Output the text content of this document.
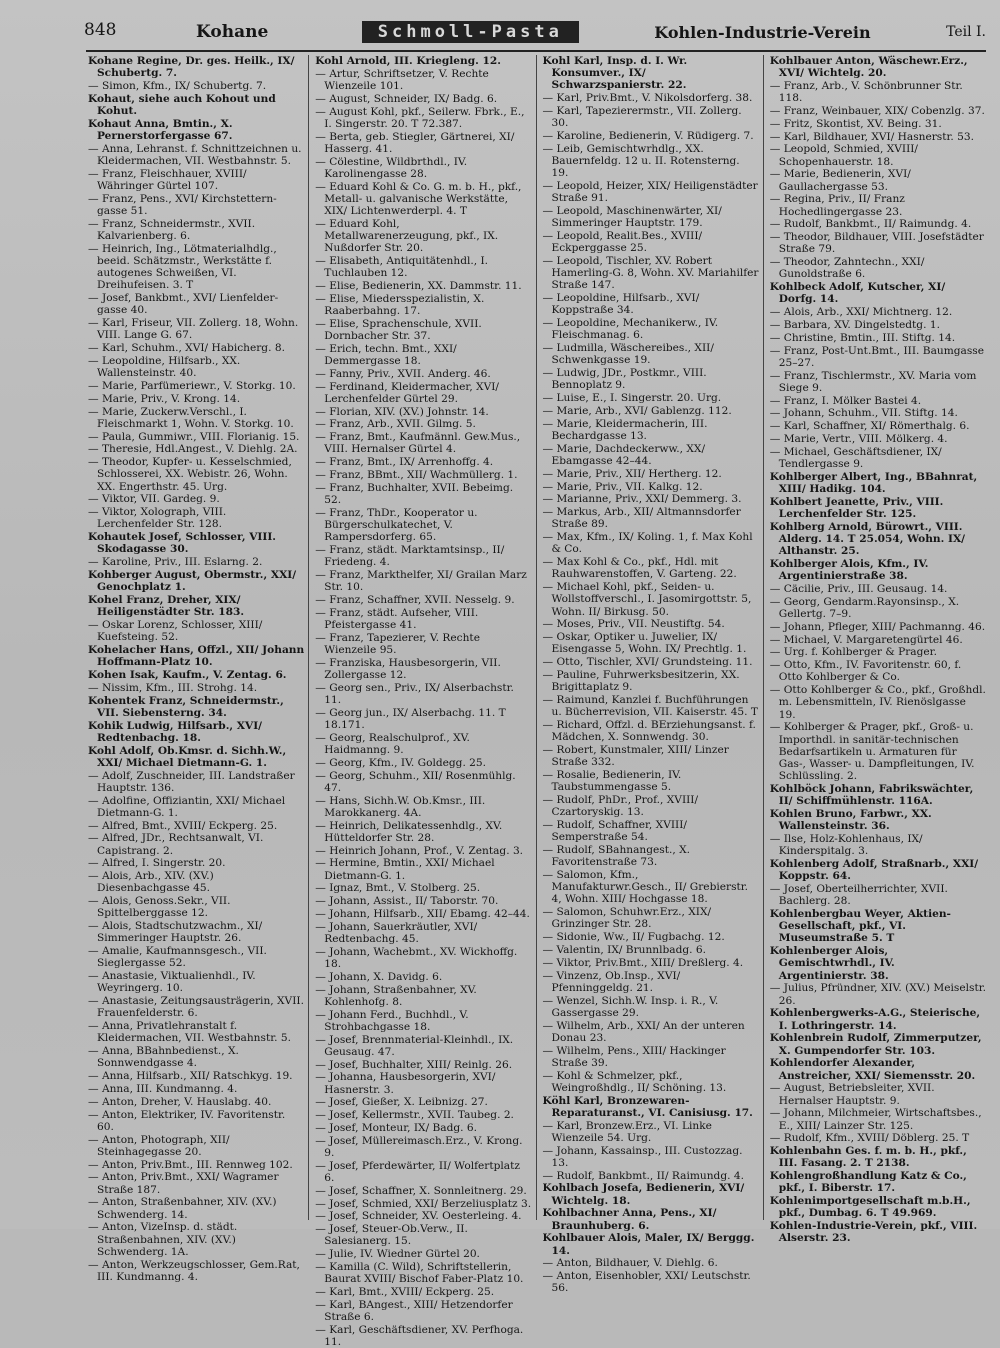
848	Kohane	Schmoll-Pasta	Kohlen-Industrie-Verein	Teil I.
Kohane Regine, Dr. ges. Heilk., IX/ Schubertg. 7.
— Simon, Kfm., IX/ Schubertg. 7.
Kohaut, siehe auch Kohout und Kohut.
Kohaut Anna, Bmtin., X. Pernerstorfergasse 67.
— Anna, Lehranst. f. Schnittzeichnen u. Kleidermachen, VII. Westbahnstr. 5.
— Franz, Fleischhauer, XVIII/ Währinger Gürtel 107.
— Franz, Pens., XVI/ Kirchstettern-gasse 51.
— Franz, Schneidermstr., XVII. Kalvarienberg. 6.
— Heinrich, Ing., Lötmaterialhdlg., beeid. Schätzmstr., Werkstätte f. autogenes Schweißen, VI. Dreihufeisen. 3. T
— Josef, Bankbmt., XVI/ Lienfelder-gasse 40.
— Karl, Friseur, VII. Zollerg. 18, Wohn. VIII. Lange G. 67.
— Karl, Schuhm., XVI/ Habicherg. 8.
— Leopoldine, Hilfsarb., XX. Wallensteinstr. 40.
— Marie, Parfümeriewr., V. Storkg. 10.
— Marie, Priv., V. Krong. 14.
— Marie, Zuckerw.Verschl., I. Fleischmarkt 1, Wohn. V. Storkg. 10.
— Paula, Gummiwr., VIII. Florianig. 15.
— Theresie, Hdl.Angest., V. Diehlg. 2A.
— Theodor, Kupfer- u. Kesselschmied, Schlosserei, XX. Webistr. 26, Wohn. XX. Engerthstr. 45. Urg.
— Viktor, VII. Gardeg. 9.
— Viktor, Xolograph, VIII. Lerchenfelder Str. 128.
Kohautek Josef, Schlosser, VIII. Skodagasse 30.
— Karoline, Priv., III. Eslarng. 2.
Kohberger August, Obermstr., XXI/ Genochplatz 1.
Kohel Franz, Dreher, XIX/ Heiligenstädter Str. 183.
— Oskar Lorenz, Schlosser, XIII/ Kuefsteing. 52.
Kohelacher Hans, Offzl., XII/ Johann Hoffmann-Platz 10.
Kohen Isak, Kaufm., V. Zentag. 6.
— Nissim, Kfm., III. Strohg. 14.
Kohentek Franz, Schneidermstr., VII. Siebensterng. 34.
Kohik Ludwig, Hilfsarb., XVI/ Redtenbachg. 18.
Kohl Adolf, Ob.Kmsr. d. Sichh.W., XXI/ Michael Dietmann-G. 1.
— Adolf, Zuschneider, III. Landstraßer Hauptstr. 136.
— Adolfine, Offiziantin, XXI/ Michael Dietmann-G. 1.
— Alfred, Bmt., XVIII/ Eckperg. 25.
— Alfred, JDr., Rechtsanwalt, VI. Capistrang. 2.
— Alfred, I. Singerstr. 20.
— Alois, Arb., XIV. (XV.) Diesenbachgasse 45.
— Alois, Genoss.Sekr., VII. Spittelberggasse 12.
— Alois, Stadtschutzwachm., XI/ Simmeringer Hauptstr. 26.
— Amalie, Kaufmannsgesch., VII. Sieglergasse 52.
— Anastasie, Viktualienhdl., IV. Weyringerg. 10.
— Anastasie, Zeitungsausträgerin, XVII. Frauenfelderstr. 6.
— Anna, Privatlehranstalt f. Kleidermachen, VII. Westbahnstr. 5.
— Anna, BBahnbedienst., X. Sonnwendgasse 4.
— Anna, Hilfsarb., XII/ Ratschkyg. 19.
— Anna, III. Kundmanng. 4.
— Anton, Dreher, V. Hauslabg. 40.
— Anton, Elektriker, IV. Favoritenstr. 60.
— Anton, Photograph, XII/ Steinhagegasse 20.
— Anton, Priv.Bmt., III. Rennweg 102.
— Anton, Priv.Bmt., XXI/ Wagramer Straße 187.
— Anton, Straßenbahner, XIV. (XV.) Schwenderg. 14.
— Anton, VizeInsp. d. städt. Straßenbahnen, XIV. (XV.) Schwenderg. 1A.
— Anton, Werkzeugschlosser, Gem.Rat, III. Kundmanng. 4.
Kohl Arnold, III. Kriegleng. 12.
— Artur, Schriftsetzer, V. Rechte Wienzeile 101.
— August, Schneider, IX/ Badg. 6.
— August Kohl, pkf., Seilerw. Fbrk., E., I. Singerstr. 20. T 72.387.
— Berta, geb. Stiegler, Gärtnerei, XI/ Hasserg. 41.
— Cölestine, Wildbrthdl., IV. Karolinengasse 28.
— Eduard Kohl & Co. G. m. b. H., pkf., Metall- u. galvanische Werkstätte, XIX/ Lichtenwerderpl. 4. T
— Eduard Kohl, Metallwarenerzeugung, pkf., IX. Nußdorfer Str. 20.
— Elisabeth, Antiquitätenhdl., I. Tuchlauben 12.
— Elise, Bedienerin, XX. Dammstr. 11.
— Elise, Miedersspezialistin, X. Raaberbahng. 17.
— Elise, Sprachenschule, XVII. Dornbacher Str. 37.
— Erich, techn. Bmt., XXI/ Demmergasse 18.
— Fanny, Priv., XVII. Anderg. 46.
— Ferdinand, Kleidermacher, XVI/ Lerchenfelder Gürtel 29.
— Florian, XIV. (XV.) Johnstr. 14.
— Franz, Arb., XVII. Gilmg. 5.
— Franz, Bmt., Kaufmännl. Gew.Mus., VIII. Hernalser Gürtel 4.
— Franz, Bmt., IX/ Arrenhoffg. 4.
— Franz, BBmt., XII/ Wachmüllerg. 1.
— Franz, Buchhalter, XVII. Bebeimg. 52.
— Franz, ThDr., Kooperator u. Bürgerschulkatechet, V. Rampersdorferg. 65.
— Franz, städt. Marktamtsinsp., II/ Friedeng. 4.
— Franz, Markthelfer, XI/ Grailan Marz Str. 10.
— Franz, Schaffner, XVII. Nesselg. 9.
— Franz, städt. Aufseher, VIII. Pfeistergasse 41.
— Franz, Tapezierer, V. Rechte Wienzeile 95.
— Franziska, Hausbesorgerin, VII. Zollergasse 12.
— Georg sen., Priv., IX/ Alserbachstr. 11.
— Georg jun., IX/ Alserbachg. 11. T 18.171.
— Georg, Realschulprof., XV. Haidmanng. 9.
— Georg, Kfm., IV. Goldegg. 25.
— Georg, Schuhm., XII/ Rosenmühlg. 47.
— Hans, Sichh.W. Ob.Kmsr., III. Marokkanerg. 4A.
— Heinrich, Delikatessenhdlg., XV. Hütteldorfer Str. 28.
— Heinrich Johann, Prof., V. Zentag. 3.
— Hermine, Bmtin., XXI/ Michael Dietmann-G. 1.
— Ignaz, Bmt., V. Stolberg. 25.
— Johann, Assist., II/ Taborstr. 70.
— Johann, Hilfsarb., XII/ Ebamg. 42–44.
— Johann, Sauerkräutler, XVI/ Redtenbachg. 45.
— Johann, Wachebmt., XV. Wickhoffg. 18.
— Johann, X. Davidg. 6.
— Johann, Straßenbahner, XV. Kohlenhofg. 8.
— Johann Ferd., Buchhdl., V. Strohbachgasse 18.
— Josef, Brennmaterial-Kleinhdl., IX. Geusaug. 47.
— Josef, Buchhalter, XIII/ Reinlg. 26.
— Johanna, Hausbesorgerin, XVI/ Hasnerstr. 3.
— Josef, Gießer, X. Leibnizg. 27.
— Josef, Kellermstr., XVII. Taubeg. 2.
— Josef, Monteur, IX/ Badg. 6.
— Josef, Müllereimasch.Erz., V. Krong. 9.
— Josef, Pferdewärter, II/ Wolfertplatz 6.
— Josef, Schaffner, X. Sonnleitnerg. 29.
— Josef, Schmied, XXI/ Berzeliusplatz 3.
— Josef, Schneider, XV. Oesterleing. 4.
— Josef, Steuer-Ob.Verw., II. Salesianerg. 15.
— Julie, IV. Wiedner Gürtel 20.
— Kamilla (C. Wild), Schriftstellerin, Baurat XVIII/ Bischof Faber-Platz 10.
— Karl, Bmt., XVIII/ Eckperg. 25.
— Karl, BAngest., XIII/ Hetzendorfer Straße 6.
— Karl, Geschäftsdiener, XV. Perfhoga. 11.
Kohl Karl, Insp. d. I. Wr. Konsumver., IX/ Schwarzspanierstr. 22.
— Karl, Priv.Bmt., V. Nikolsdorferg. 38.
— Karl, Tapezierermstr., VII. Zollerg. 30.
— Karoline, Bedienerin, V. Rüdigerg. 7.
— Leib, Gemischtwrhdlg., XX. Bauernfeldg. 12 u. II. Rotensterng. 19.
— Leopold, Heizer, XIX/ Heiligenstädter Straße 91.
— Leopold, Maschinenwärter, XI/ Simmeringer Hauptstr. 179.
— Leopold, Realit.Bes., XVIII/ Eckperggasse 25.
— Leopold, Tischler, XV. Robert Hamerling-G. 8, Wohn. XV. Mariahilfer Straße 147.
— Leopoldine, Hilfsarb., XVI/ Koppstraße 34.
— Leopoldine, Mechanikerw., IV. Fleischmanag. 6.
— Ludmilla, Wäschereibes., XII/ Schwenkgasse 19.
— Ludwig, JDr., Postkmr., VIII. Bennoplatz 9.
— Luise, E., I. Singerstr. 20. Urg.
— Marie, Arb., XVI/ Gablenzg. 112.
— Marie, Kleidermacherin, III. Bechardgasse 13.
— Marie, Dachdeckerww., XX/ Ebamgasse 42–44.
— Marie, Priv., XII/ Hertherg. 12.
— Marie, Priv., VII. Kalkg. 12.
— Marianne, Priv., XXI/ Demmerg. 3.
— Markus, Arb., XII/ Altmannsdorfer Straße 89.
— Max, Kfm., IX/ Koling. 1, f. Max Kohl & Co.
— Max Kohl & Co., pkf., Hdl. mit Rauhwarenstoffen, V. Garteng. 22.
— Michael Kohl, pkf., Seiden- u. Wollstoffverschl., I. Jasomirgottstr. 5, Wohn. II/ Birkusg. 50.
— Moses, Priv., VII. Neustiftg. 54.
— Oskar, Optiker u. Juwelier, IX/ Eisengasse 5, Wohn. IX/ Prechtlg. 1.
— Otto, Tischler, XVI/ Grundsteing. 11.
— Pauline, Fuhrwerksbesitzerin, XX. Brigittaplatz 9.
— Raimund, Kanzlei f. Buchführungen u. Bücherrevision, VII. Kaiserstr. 45. T
— Richard, Offzl. d. BErziehungsanst. f. Mädchen, X. Sonnwendg. 30.
— Robert, Kunstmaler, XIII/ Linzer Straße 332.
— Rosalie, Bedienerin, IV. Taubstummengasse 5.
— Rudolf, PhDr., Prof., XVIII/ Czartoryskig. 13.
— Rudolf, Schaffner, XVIII/ Semperstraße 54.
— Rudolf, SBahnangest., X. Favoritenstraße 73.
— Salomon, Kfm., Manufakturwr.Gesch., II/ Grebierstr. 4, Wohn. XIII/ Hochgasse 18.
— Salomon, Schuhwr.Erz., XIX/ Grinzinger Str. 28.
— Sidonie, Ww., II/ Fugbachg. 12.
— Valentin, IX/ Brunnlbadg. 6.
— Viktor, Priv.Bmt., XIII/ Dreßlerg. 4.
— Vinzenz, Ob.Insp., XVI/ Pfenninggeldg. 21.
— Wenzel, Sichh.W. Insp. i. R., V. Gassergasse 29.
— Wilhelm, Arb., XXI/ An der unteren Donau 23.
— Wilhelm, Pens., XIII/ Hackinger Straße 39.
— Kohl & Schmelzer, pkf., Weingroßhdlg., II/ Schöning. 13.
Köhl Karl, Bronzewaren-Reparaturanst., VI. Canisiusg. 17.
— Karl, Bronzew.Erz., VI. Linke Wienzeile 54. Urg.
— Johann, Kassainsp., III. Custozzag. 13.
— Rudolf, Bankbmt., II/ Raimundg. 4.
Kohlbach Josefa, Bedienerin, XVI/ Wichtelg. 18.
Kohlbachner Anna, Pens., XI/ Braunhuberg. 6.
Kohlbauer Alois, Maler, IX/ Berggg. 14.
— Anton, Bildhauer, V. Diehlg. 6.
— Anton, Eisenhobler, XXI/ Leutschstr. 56.
Kohlbauer Anton, Wäschewr.Erz., XVI/ Wichtelg. 20.
— Franz, Arb., V. Schönbrunner Str. 118.
— Franz, Weinbauer, XIX/ Cobenzlg. 37.
— Fritz, Skontist, XV. Being. 31.
— Karl, Bildhauer, XVI/ Hasnerstr. 53.
— Leopold, Schmied, XVIII/ Schopenhauerstr. 18.
— Marie, Bedienerin, XVI/ Gaullachergasse 53.
— Regina, Priv., II/ Franz Hochedlingergasse 23.
— Rudolf, Bankbmt., II/ Raimundg. 4.
— Theodor, Bildhauer, VIII. Josefstädter Straße 79.
— Theodor, Zahntechn., XXI/ Gunoldstraße 6.
Kohlbeck Adolf, Kutscher, XI/ Dorfg. 14.
— Alois, Arb., XXI/ Michtnerg. 12.
— Barbara, XV. Dingelstedtg. 1.
— Christine, Bmtin., III. Stiftg. 14.
— Franz, Post-Unt.Bmt., III. Baumgasse 25–27.
— Franz, Tischlermstr., XV. Maria vom Siege 9.
— Franz, I. Mölker Bastei 4.
— Johann, Schuhm., VII. Stiftg. 14.
— Karl, Schaffner, XI/ Römerthalg. 6.
— Marie, Vertr., VIII. Mölkerg. 4.
— Michael, Geschäftsdiener, IX/ Tendlergasse 9.
Kohlberger Albert, Ing., BBahnrat, XIII/ Hadikg. 104.
Kohlbert Jeanette, Priv., VIII. Lerchenfelder Str. 125.
Kohlberg Arnold, Bürowrt., VIII. Alderg. 14. T 25.054, Wohn. IX/ Althanstr. 25.
Kohlberger Alois, Kfm., IV. Argentinierstraße 38.
— Cäcilie, Priv., III. Geusaug. 14.
— Georg, Gendarm.Rayonsinsp., X. Gellertg. 7–9.
— Johann, Pfleger, XIII/ Pachmanng. 46.
— Michael, V. Margaretengürtel 46.
— Urg. f. Kohlberger & Prager.
— Otto, Kfm., IV. Favoritenstr. 60, f. Otto Kohlberger & Co.
— Otto Kohlberger & Co., pkf., Großhdl. m. Lebensmitteln, IV. Rienöslgasse 19.
— Kohlberger & Prager, pkf., Groß- u. Importhdl. in sanitär-technischen Bedarfsartikeln u. Armaturen für Gas-, Wasser- u. Dampfleitungen, IV. Schlüssling. 2.
Kohlböck Johann, Fabrikswächter, II/ Schiffmühlenstr. 116A.
Kohlen Bruno, Farbwr., XX. Wallensteinstr. 36.
— Ilse, Holz-Kohlenhaus, IX/ Kinderspitalg. 3.
Kohlenberg Adolf, Straßnarb., XXI/ Koppstr. 64.
— Josef, Oberteilherrichter, XVII. Bachlerg. 28.
Kohlenbergbau Weyer, Aktien-Gesellschaft, pkf., VI. Museumstraße 5. T
Kohlenberger Alois, Gemischtwrhdl., IV. Argentinierstr. 38.
— Julius, Pfründner, XIV. (XV.) Meiselstr. 26.
Kohlenbergwerks-A.G., Steierische, I. Lothringerstr. 14.
Kohlenbrein Rudolf, Zimmerputzer, X. Gumpendorfer Str. 103.
Kohlendorfer Alexander, Anstreicher, XXI/ Siemensstr. 20.
— August, Betriebsleiter, XVII. Hernalser Hauptstr. 9.
— Johann, Milchmeier, Wirtschaftsbes., E., XIII/ Lainzer Str. 125.
— Rudolf, Kfm., XVIII/ Döblerg. 25. T
Kohlenbahn Ges. f. m. b. H., pkf., III. Fasang. 2. T 2138.
Kohlengroßhandlung Katz & Co., pkf., I. Biberstr. 17.
Kohlenimportgesellschaft m.b.H., pkf., Dumbag. 6. T 49.969.
Kohlen-Industrie-Verein, pkf., VIII. Alserstr. 23.
